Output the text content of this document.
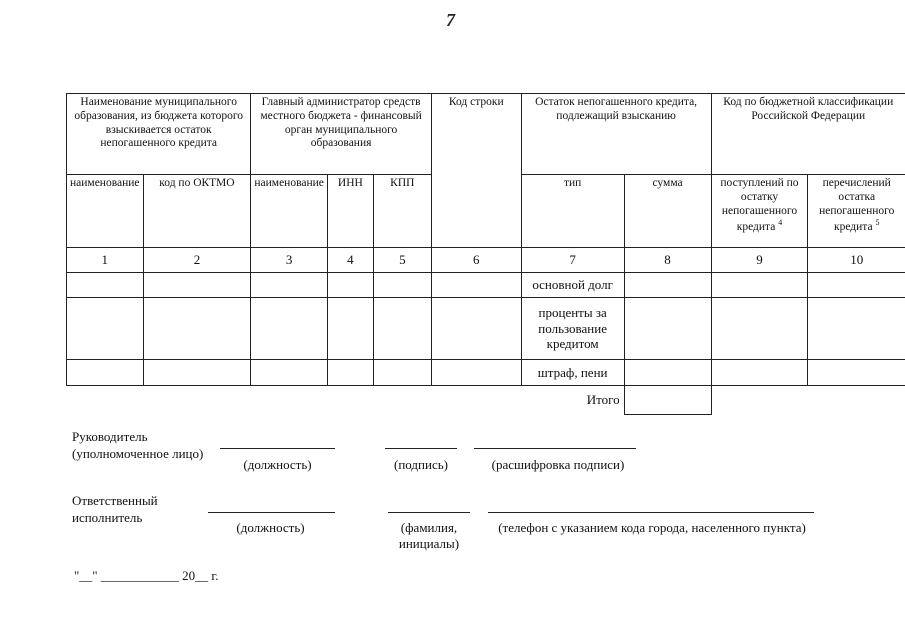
7
Наименование муниципального образования, из бюджета которого взыскивается остаток непогашенного кредита		Главный администратор средств местного бюджета - финансовый орган муниципального образования			Код строки	Остаток непогашенного кредита, подлежащий взысканию		Код по бюджетной классификации Российской Федерации	
наименование	код по ОКТМО	наименование	ИНН	КПП		тип	сумма	поступлений по остатку непогашенного кредита $^4$	перечислений остатка непогашенного кредита $^5$
1	2	3	4	5	6	7	8	9	10
						основной долг			
						проценты за пользование кредитом			
						штраф, пени			
Итого									
Руководитель (уполномоченное лицо)
(должность)	(подпись)	(расшифровка подписи)
Ответственный исполнитель
(должность)	(фамилия, инициалы)
(телефон с указанием кода города, населенного пункта)
"__" ____________ 20__ г.
